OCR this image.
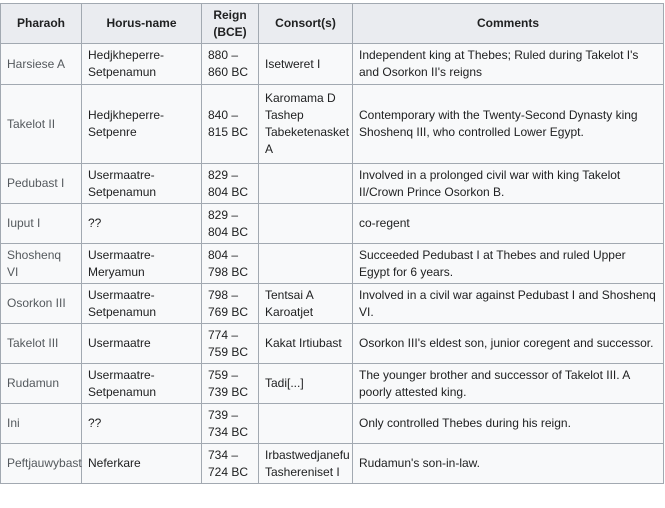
Pharaoh	Horus-name	Reign (BCE)	Consort(s)	Comments
Harsiese A	Hedjkheperre-Setpenamun	880 – 860 BC	Isetweret I	Independent king at Thebes; Ruled during Takelot I's and Osorkon II's reigns
Takelot II	Hedjkheperre-Setpenre	840 – 815 BC	Karomama D Tashep Tabeketenasket A	Contemporary with the Twenty-Second Dynasty king Shoshenq III, who controlled Lower Egypt.
Pedubast I	Usermaatre-Setpenamun	829 – 804 BC		Involved in a prolonged civil war with king Takelot II/Crown Prince Osorkon B.
Iuput I	??	829 – 804 BC		co-regent
Shoshenq VI	Usermaatre-Meryamun	804 – 798 BC		Succeeded Pedubast I at Thebes and ruled Upper Egypt for 6 years.
Osorkon III	Usermaatre-Setpenamun	798 – 769 BC	Tentsai A Karoatjet	Involved in a civil war against Pedubast I and Shoshenq VI.
Takelot III	Usermaatre	774 – 759 BC	Kakat Irtiubast	Osorkon III's eldest son, junior coregent and successor.
Rudamun	Usermaatre-Setpenamun	759 – 739 BC	Tadi[...]	The younger brother and successor of Takelot III. A poorly attested king.
Ini	??	739 – 734 BC		Only controlled Thebes during his reign.
Peftjauwybast	Neferkare	734 – 724 BC	Irbastwedjanefu Tashereniset I	Rudamun's son-in-law.
